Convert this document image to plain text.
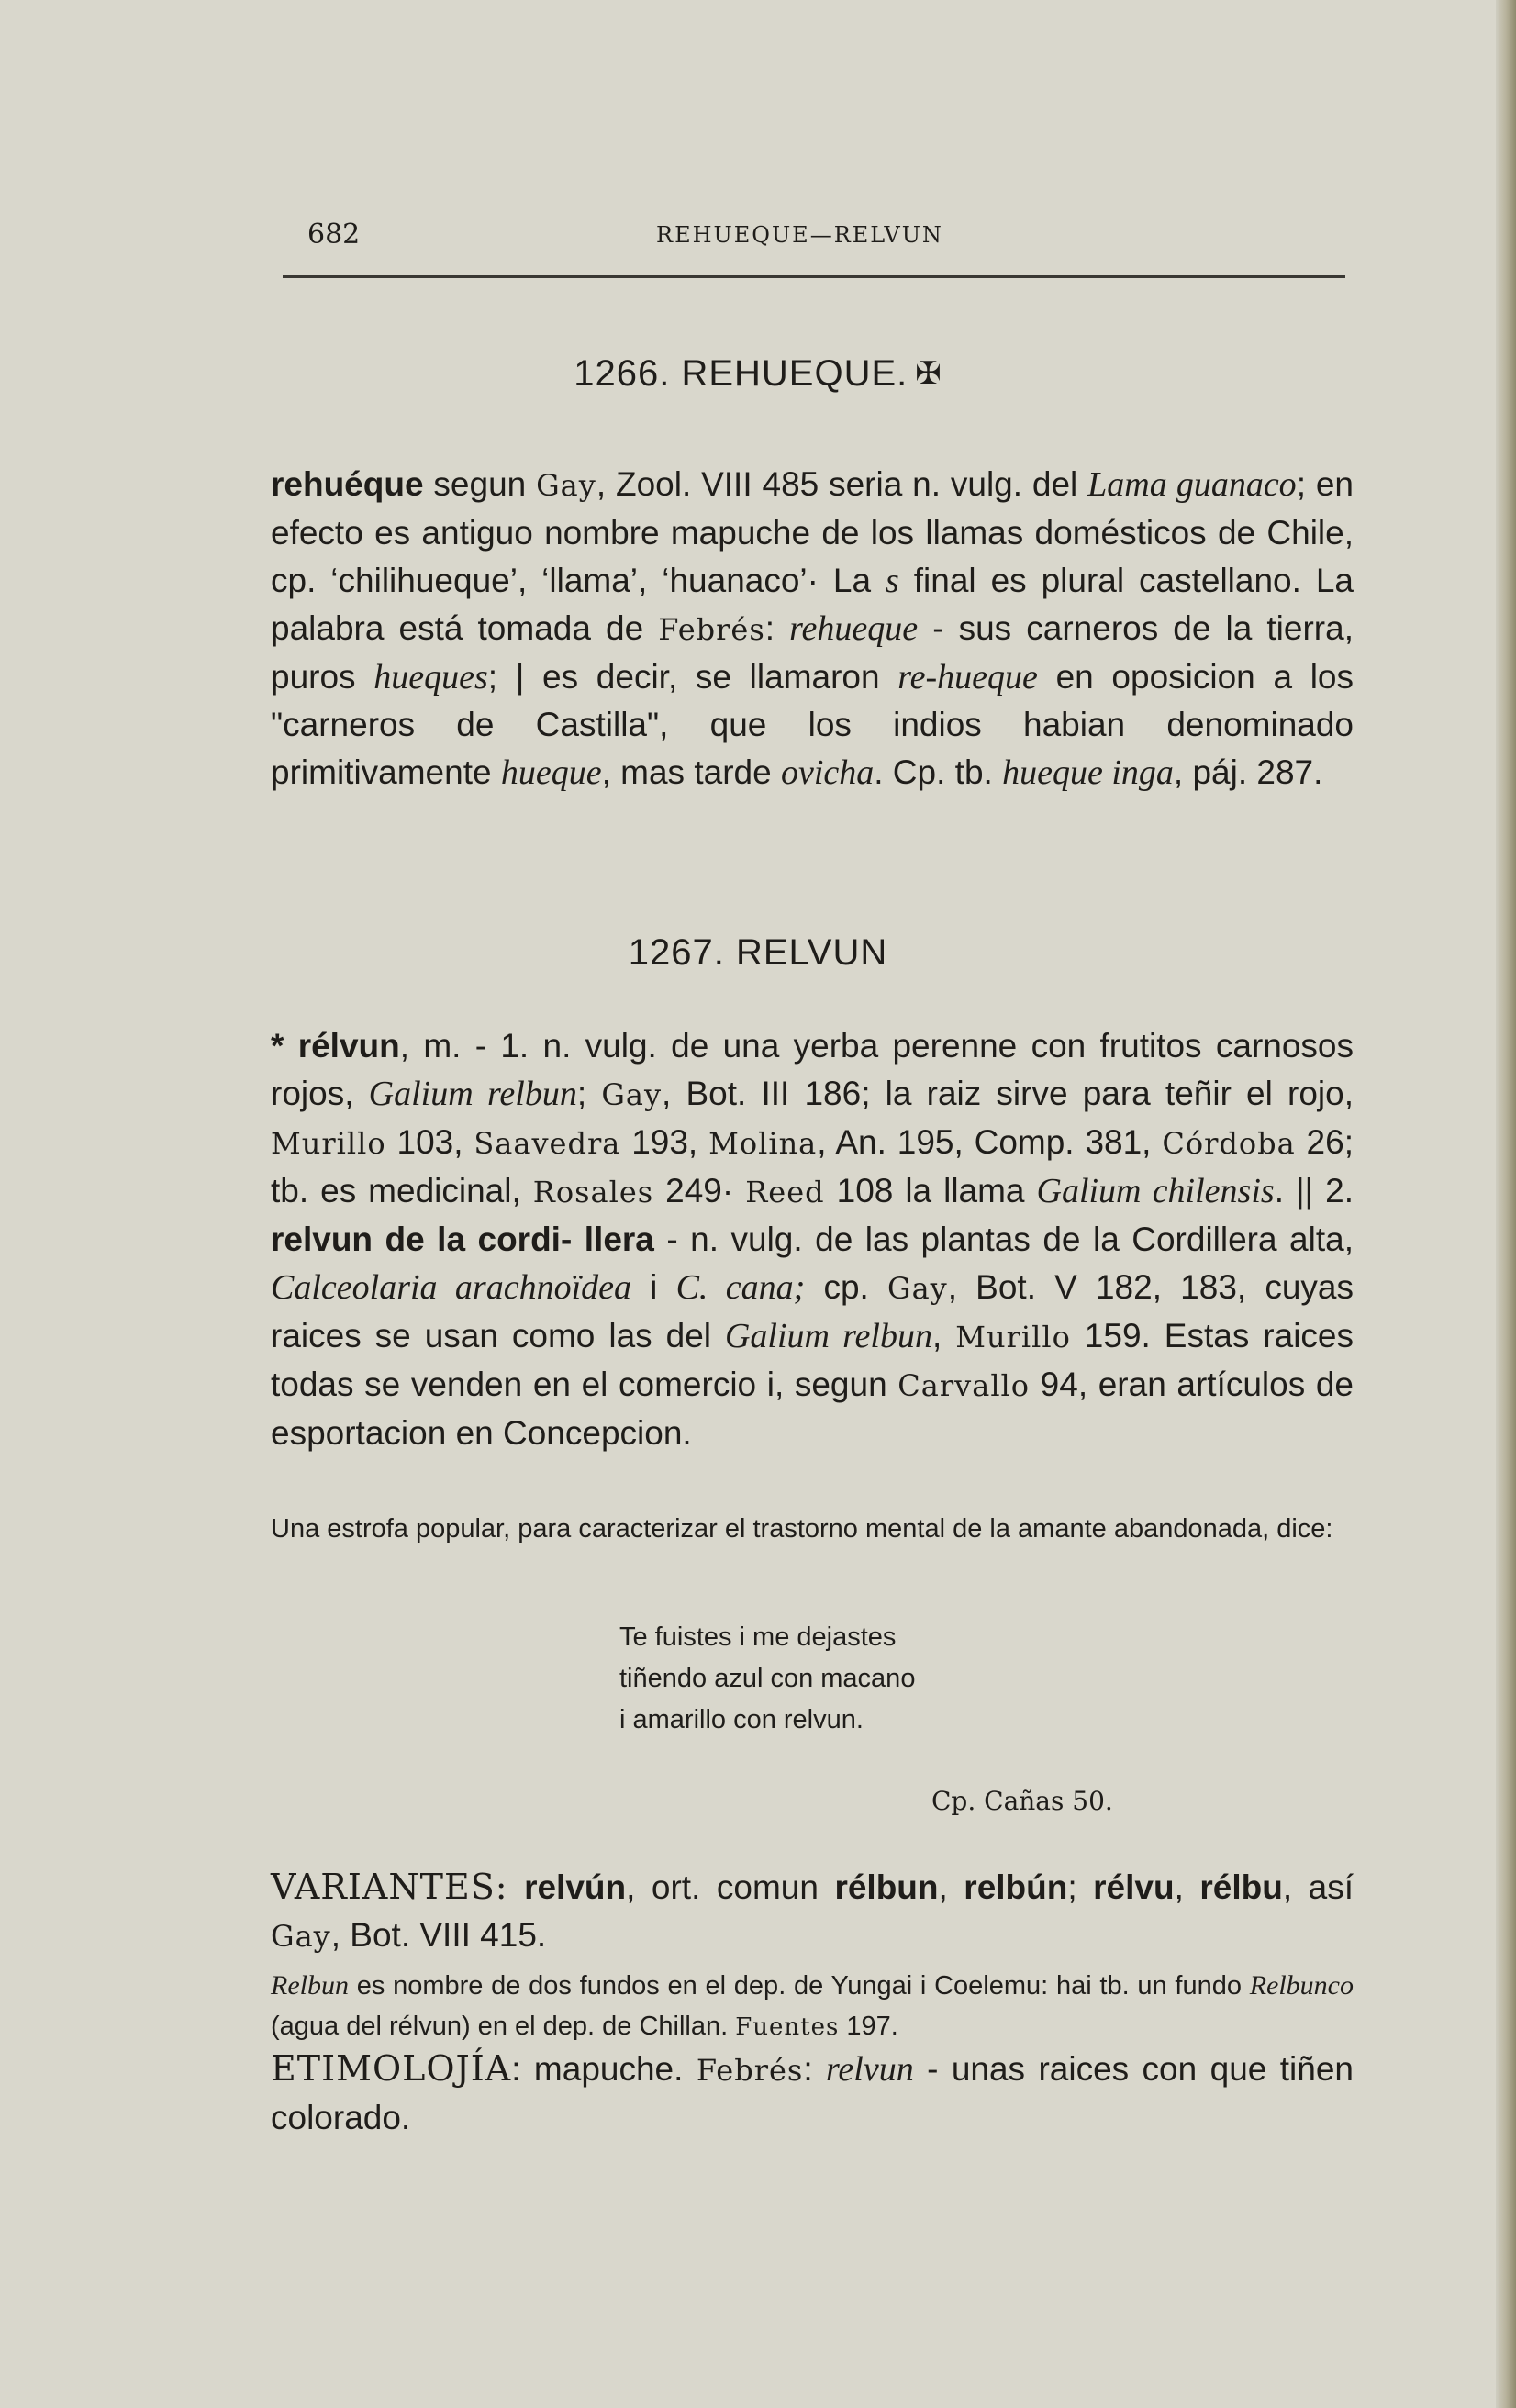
682	REHUEQUE—RELVUN
1266. REHUEQUE. ✠

rehuéque segun Gay, Zool. VIII 485 seria n. vulg. del Lama guanaco; en efecto es antiguo nombre mapuche de los llamas domésticos de Chile, cp. ‘chilihueque’, ‘llama’, ‘huanaco’· La s final es plural castellano. La palabra está tomada de Febrés: rehueque - sus carneros de la tierra, puros hueques; | es decir, se llamaron re-hueque en oposicion a los "carneros de Castilla", que los indios habian denominado primitivamente hueque, mas tarde ovicha. Cp. tb. hueque inga, páj. 287.

1267. RELVUN

* rélvun, m. - 1. n. vulg. de una yerba perenne con frutitos carnosos rojos, Galium relbun; Gay, Bot. III 186; la raiz sirve para teñir el rojo, Murillo 103, Saavedra 193, Molina, An. 195, Comp. 381, Córdoba 26; tb. es medicinal, Rosales 249· Reed 108 la llama Galium chilensis. || 2. relvun de la cordi- llera - n. vulg. de las plantas de la Cordillera alta, Calceolaria arachnoïdea i C. cana; cp. Gay, Bot. V 182, 183, cuyas raices se usan como las del Galium relbun, Murillo 159. Estas raices todas se venden en el comercio i, segun Carvallo 94, eran artículos de esportacion en Concepcion.

Una estrofa popular, para caracterizar el trastorno mental de la amante abandonada, dice:

Te fuistes i me dejastes
tiñendo azul con macano
i amarillo con relvun.
Cp. Cañas 50.

VARIANTES: relvún, ort. comun rélbun, relbún; rélvu, rélbu, así Gay, Bot. VIII 415.

Relbun es nombre de dos fundos en el dep. de Yungai i Coelemu: hai tb. un fundo Relbunco (agua del rélvun) en el dep. de Chillan. Fuentes 197.

ETIMOLOJÍA: mapuche. Febrés: relvun - unas raices con que tiñen colorado.
